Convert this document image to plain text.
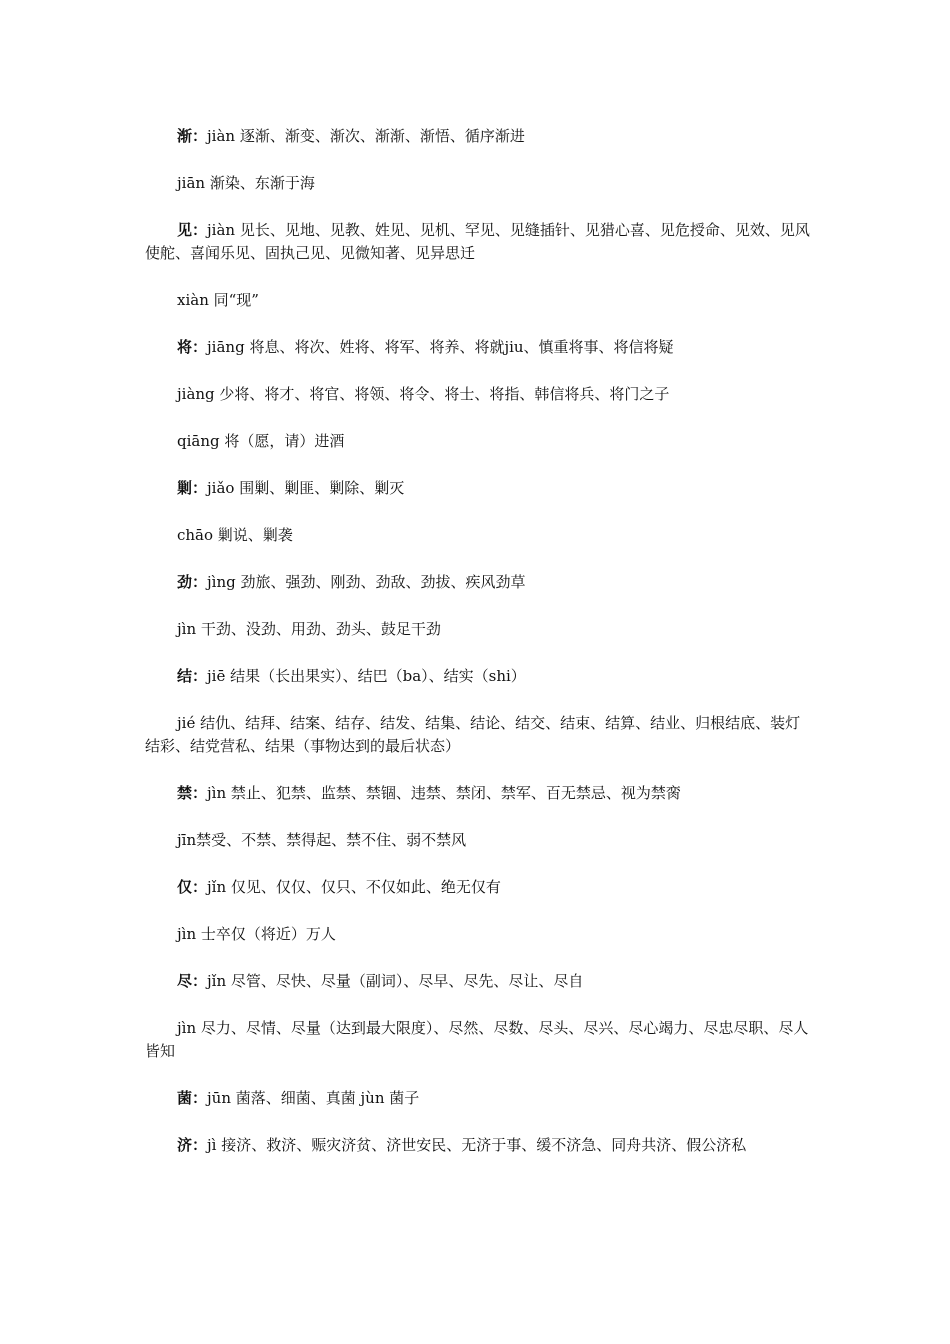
渐：jiàn 逐渐、渐变、渐次、渐渐、渐悟、循序渐进

jiān 渐染、东渐于海

见：jiàn 见长、见地、见教、姓见、见机、罕见、见缝插针、见猎心喜、见危授命、见效、见风使舵、喜闻乐见、固执己见、见微知著、见异思迁

xiàn 同“现”

将：jiāng 将息、将次、姓将、将军、将养、将就jiu、慎重将事、将信将疑

jiàng 少将、将才、将官、将领、将令、将士、将指、韩信将兵、将门之子

qiāng 将（愿，请）进酒

剿：jiǎo 围剿、剿匪、剿除、剿灭

chāo 剿说、剿袭

劲：jìng 劲旅、强劲、刚劲、劲敌、劲拔、疾风劲草

jìn 干劲、没劲、用劲、劲头、鼓足干劲

结：jiē 结果（长出果实）、结巴（ba）、结实（shi）

jié 结仇、结拜、结案、结存、结发、结集、结论、结交、结束、结算、结业、归根结底、装灯结彩、结党营私、结果（事物达到的最后状态）

禁：jìn 禁止、犯禁、监禁、禁锢、违禁、禁闭、禁军、百无禁忌、视为禁脔

jīn禁受、不禁、禁得起、禁不住、弱不禁风

仅：jǐn 仅见、仅仅、仅只、不仅如此、绝无仅有

jìn 士卒仅（将近）万人

尽：jǐn 尽管、尽快、尽量（副词）、尽早、尽先、尽让、尽自

jìn 尽力、尽情、尽量（达到最大限度）、尽然、尽数、尽头、尽兴、尽心竭力、尽忠尽职、尽人皆知

菌：jūn 菌落、细菌、真菌 jùn 菌子

济：jì 接济、救济、赈灾济贫、济世安民、无济于事、缓不济急、同舟共济、假公济私
